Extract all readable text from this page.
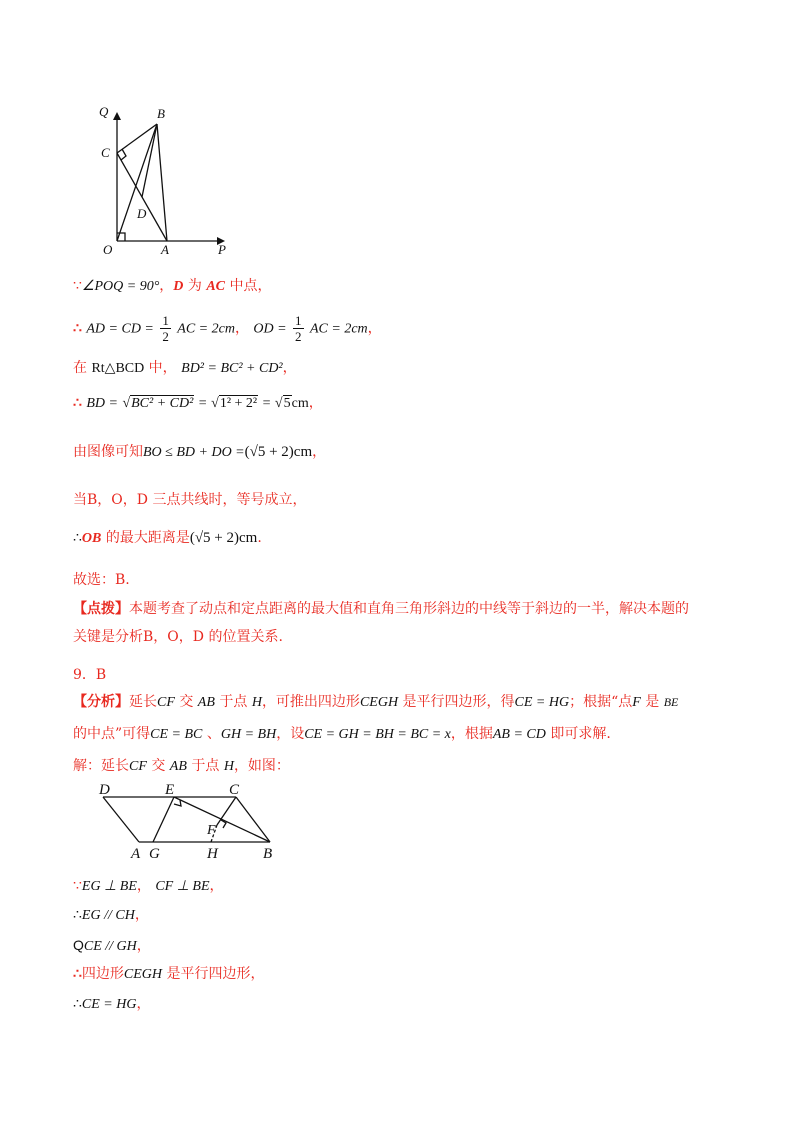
Q	B
C
D
O	A	P
∵∠POQ = 90°，D 为 AC 中点，
∴ AD = CD = $\frac{1}{2}$ AC = 2cm， OD = $\frac{1}{2}$ AC = 2cm，
在 Rt△BCD 中， BD² = BC² + CD²，
∴ BD = √BC² + CD² = √1² + 2² = √5cm，
由图像可知BO ≤ BD + DO =(√5 + 2)cm，
当B，O，D 三点共线时，等号成立，
∴OB 的最大距离是(√5 + 2)cm.
故选：B.
【点拨】本题考查了动点和定点距离的最大值和直角三角形斜边的中线等于斜边的一半，解决本题的
关键是分析B，O，D 的位置关系.
9．B
【分析】延长CF 交 AB 于点 H，可推出四边形CEGH 是平行四边形，得CE = HG；根据“点F 是 BE
的中点”可得CE = BC 、GH = BH，设CE = GH = BH = BC = x，根据AB = CD 即可求解.
解：延长CF 交 AB 于点 H，如图：
D	E	C
F
A G	H	B
∵EG ⊥ BE， CF ⊥ BE，
∴EG // CH，
QCE // GH，
∴四边形CEGH 是平行四边形，
∴CE = HG，
